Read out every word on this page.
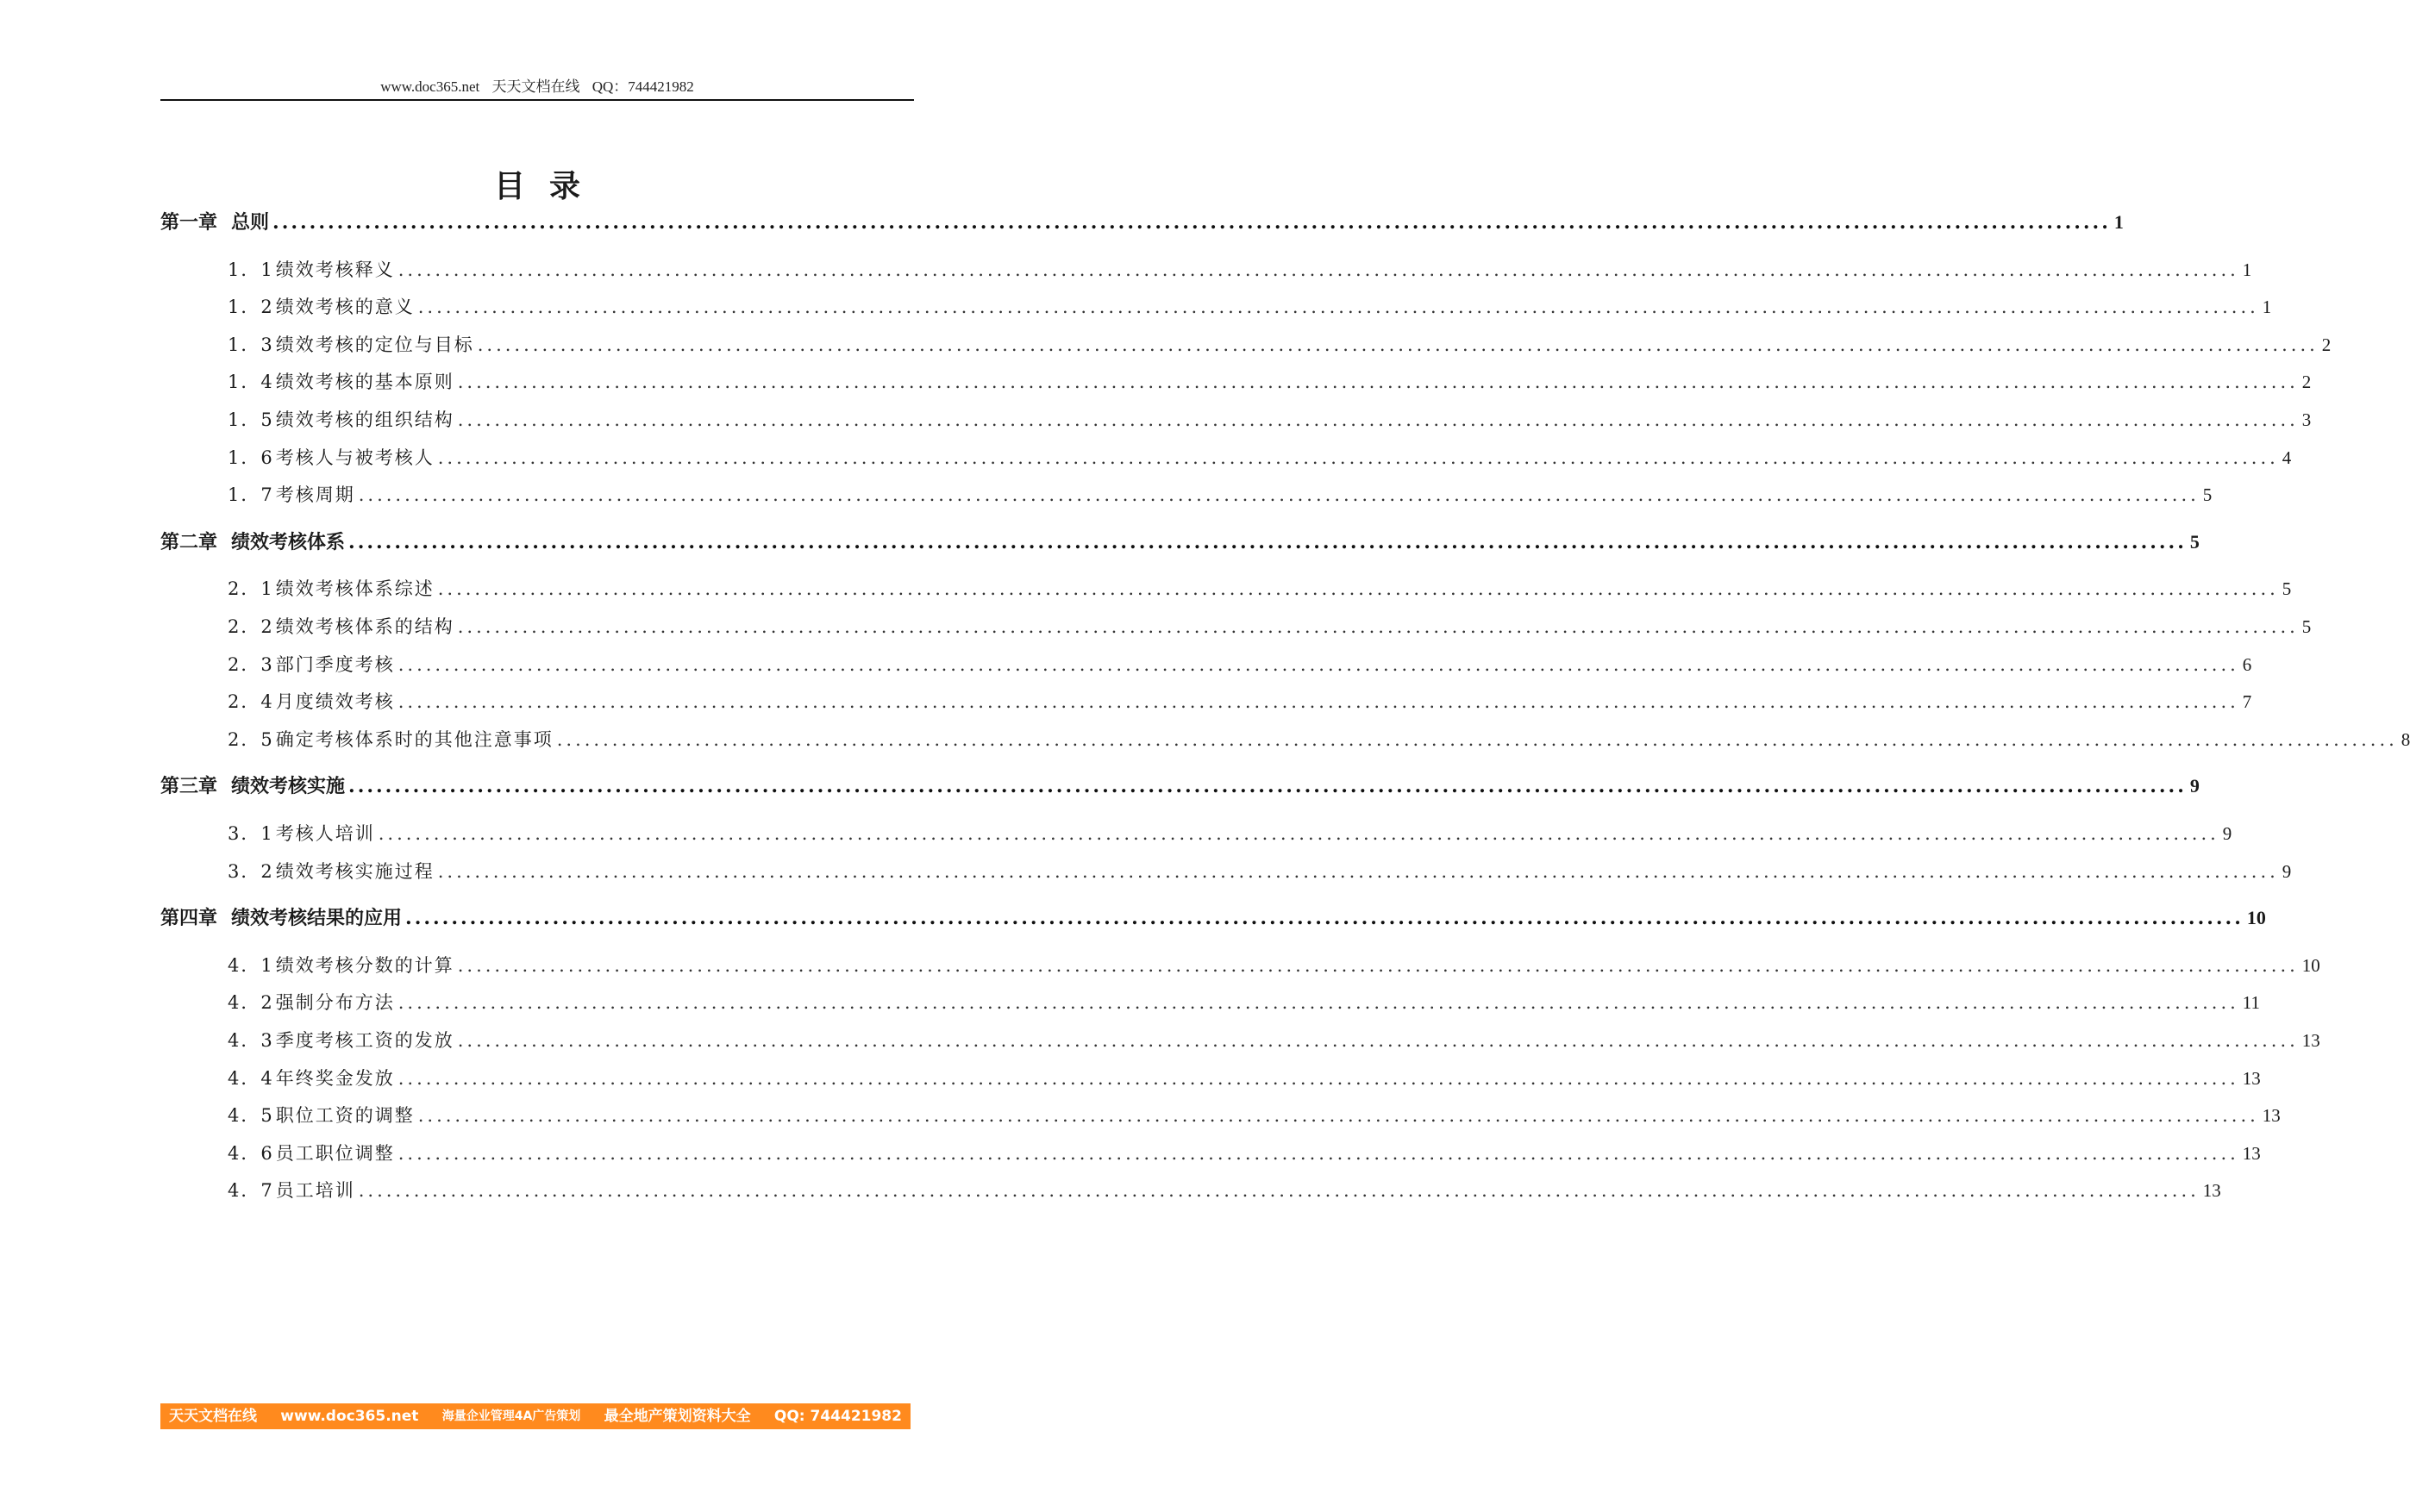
www.doc365.net 天天文档在线 QQ：744421982
目录
第一章 总则 ........................................................................................................................................................................................................ 1
1．1绩效考核释义 ........................................................................................................................................................................................................ 1
1．2绩效考核的意义 ........................................................................................................................................................................................................ 1
1．3绩效考核的定位与目标 ........................................................................................................................................................................................................ 2
1．4绩效考核的基本原则 ........................................................................................................................................................................................................ 2
1．5绩效考核的组织结构 ........................................................................................................................................................................................................ 3
1．6考核人与被考核人 ........................................................................................................................................................................................................ 4
1．7考核周期 ........................................................................................................................................................................................................ 5
第二章 绩效考核体系 ........................................................................................................................................................................................................ 5
2．1绩效考核体系综述 ........................................................................................................................................................................................................ 5
2．2绩效考核体系的结构 ........................................................................................................................................................................................................ 5
2．3部门季度考核 ........................................................................................................................................................................................................ 6
2．4月度绩效考核 ........................................................................................................................................................................................................ 7
2．5确定考核体系时的其他注意事项 ........................................................................................................................................................................................................ 8
第三章 绩效考核实施 ........................................................................................................................................................................................................ 9
3．1考核人培训 ........................................................................................................................................................................................................ 9
3．2绩效考核实施过程 ........................................................................................................................................................................................................ 9
第四章 绩效考核结果的应用 ........................................................................................................................................................................................................ 10
4．1绩效考核分数的计算 ........................................................................................................................................................................................................ 10
4．2强制分布方法 ........................................................................................................................................................................................................ 11
4．3季度考核工资的发放 ........................................................................................................................................................................................................ 13
4．4年终奖金发放 ........................................................................................................................................................................................................ 13
4．5职位工资的调整 ........................................................................................................................................................................................................ 13
4．6员工职位调整 ........................................................................................................................................................................................................ 13
4．7员工培训 ........................................................................................................................................................................................................ 13
天天文档在线 www.doc365.net 海量企业管理4A广告策划 最全地产策划资料大全 QQ: 744421982
